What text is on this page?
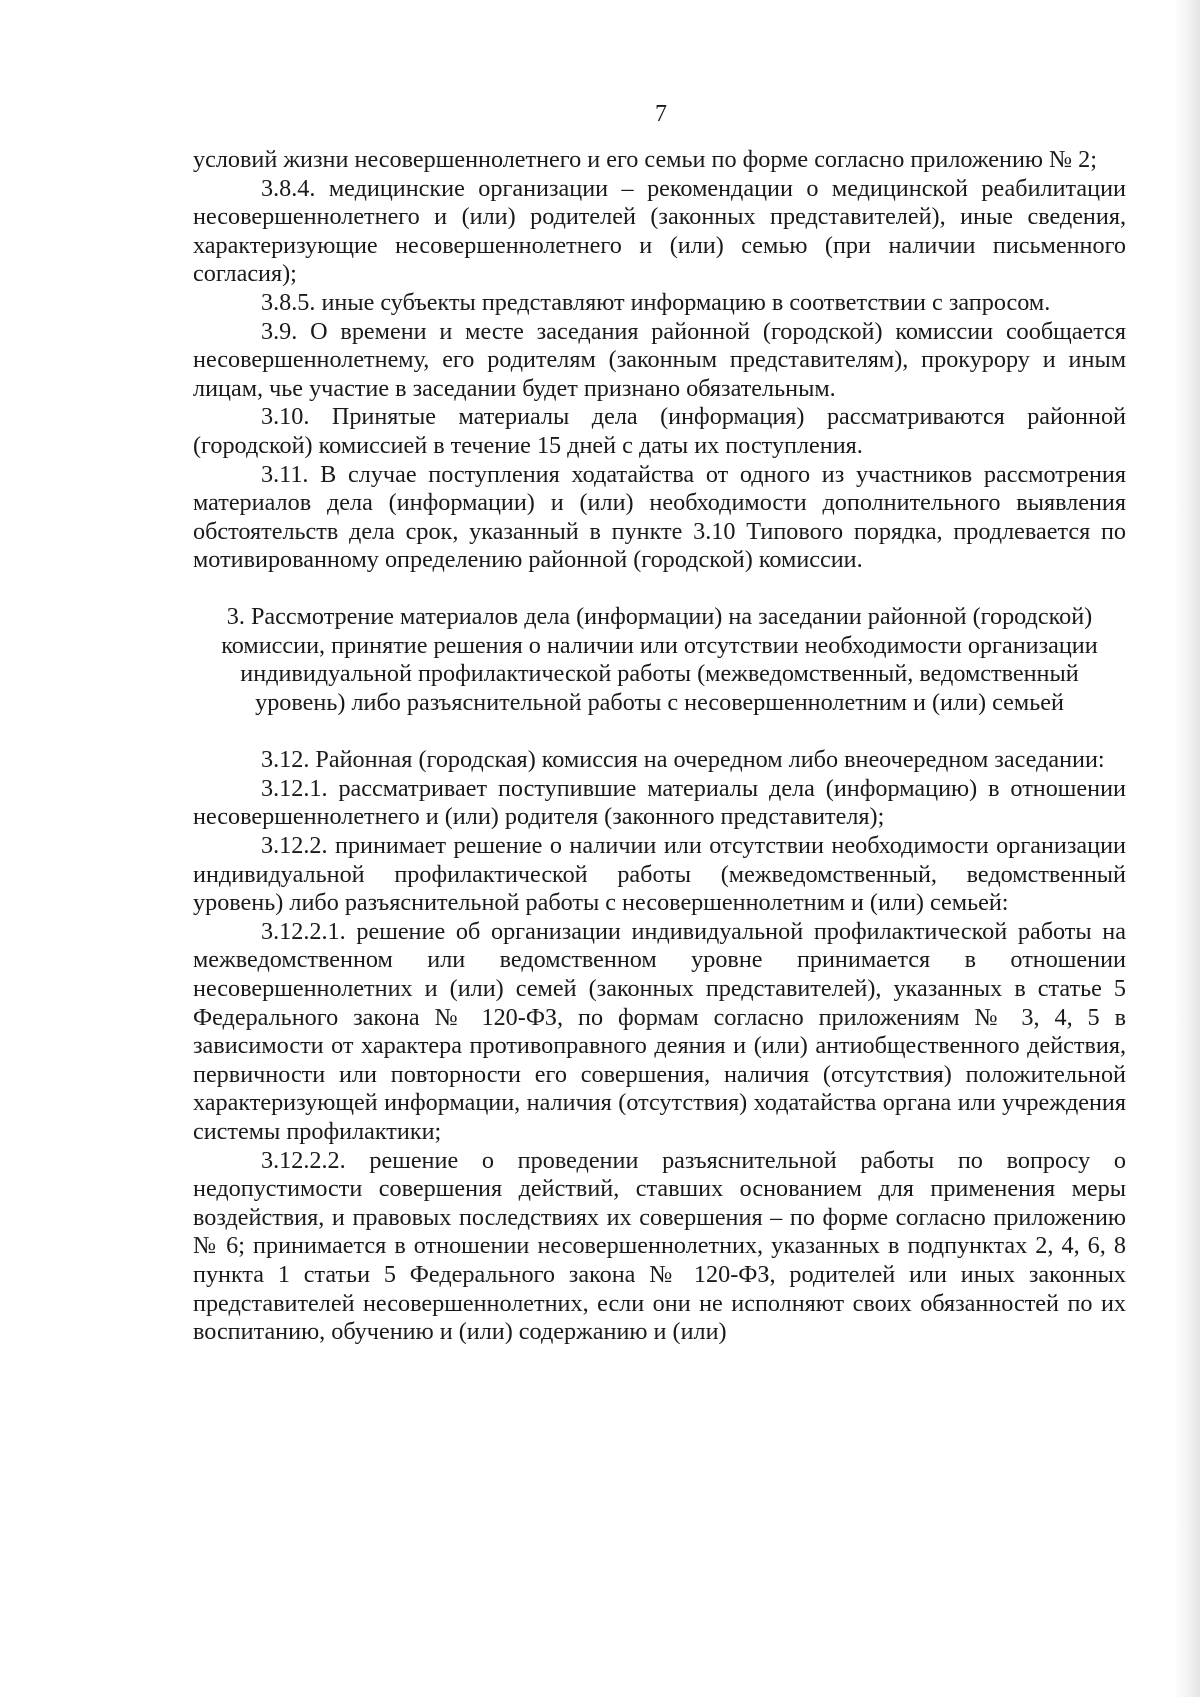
7

условий жизни несовершеннолетнего и его семьи по форме согласно приложению № 2;

3.8.4. медицинские организации – рекомендации о медицинской реабилитации несовершеннолетнего и (или) родителей (законных представителей), иные сведения, характеризующие несовершеннолетнего и (или) семью (при наличии письменного согласия);

3.8.5. иные субъекты представляют информацию в соответствии с запросом.

3.9. О времени и месте заседания районной (городской) комиссии сообщается несовершеннолетнему, его родителям (законным представителям), прокурору и иным лицам, чье участие в заседании будет признано обязательным.

3.10. Принятые материалы дела (информация) рассматриваются районной (городской) комиссией в течение 15 дней с даты их поступления.

3.11. В случае поступления ходатайства от одного из участников рассмотрения материалов дела (информации) и (или) необходимости дополнительного выявления обстоятельств дела срок, указанный в пункте 3.10 Типового порядка, продлевается по мотивированному определению районной (городской) комиссии.

3. Рассмотрение материалов дела (информации) на заседании районной (городской) комиссии, принятие решения о наличии или отсутствии необходимости организации индивидуальной профилактической работы (межведомственный, ведомственный уровень) либо разъяснительной работы с несовершеннолетним и (или) семьей

3.12. Районная (городская) комиссия на очередном либо внеочередном заседании:

3.12.1. рассматривает поступившие материалы дела (информацию) в отношении несовершеннолетнего и (или) родителя (законного представителя);

3.12.2. принимает решение о наличии или отсутствии необходимости организации индивидуальной профилактической работы (межведомственный, ведомственный уровень) либо разъяснительной работы с несовершеннолетним и (или) семьей:

3.12.2.1. решение об организации индивидуальной профилактической работы на межведомственном или ведомственном уровне принимается в отношении несовершеннолетних и (или) семей (законных представителей), указанных в статье 5 Федерального закона № 120-ФЗ, по формам согласно приложениям № 3, 4, 5 в зависимости от характера противоправного деяния и (или) антиобщественного действия, первичности или повторности его совершения, наличия (отсутствия) положительной характеризующей информации, наличия (отсутствия) ходатайства органа или учреждения системы профилактики;

3.12.2.2. решение о проведении разъяснительной работы по вопросу о недопустимости совершения действий, ставших основанием для применения меры воздействия, и правовых последствиях их совершения – по форме согласно приложению № 6; принимается в отношении несовершеннолетних, указанных в подпунктах 2, 4, 6, 8 пункта 1 статьи 5 Федерального закона № 120-ФЗ, родителей или иных законных представителей несовершеннолетних, если они не исполняют своих обязанностей по их воспитанию, обучению и (или) содержанию и (или)
